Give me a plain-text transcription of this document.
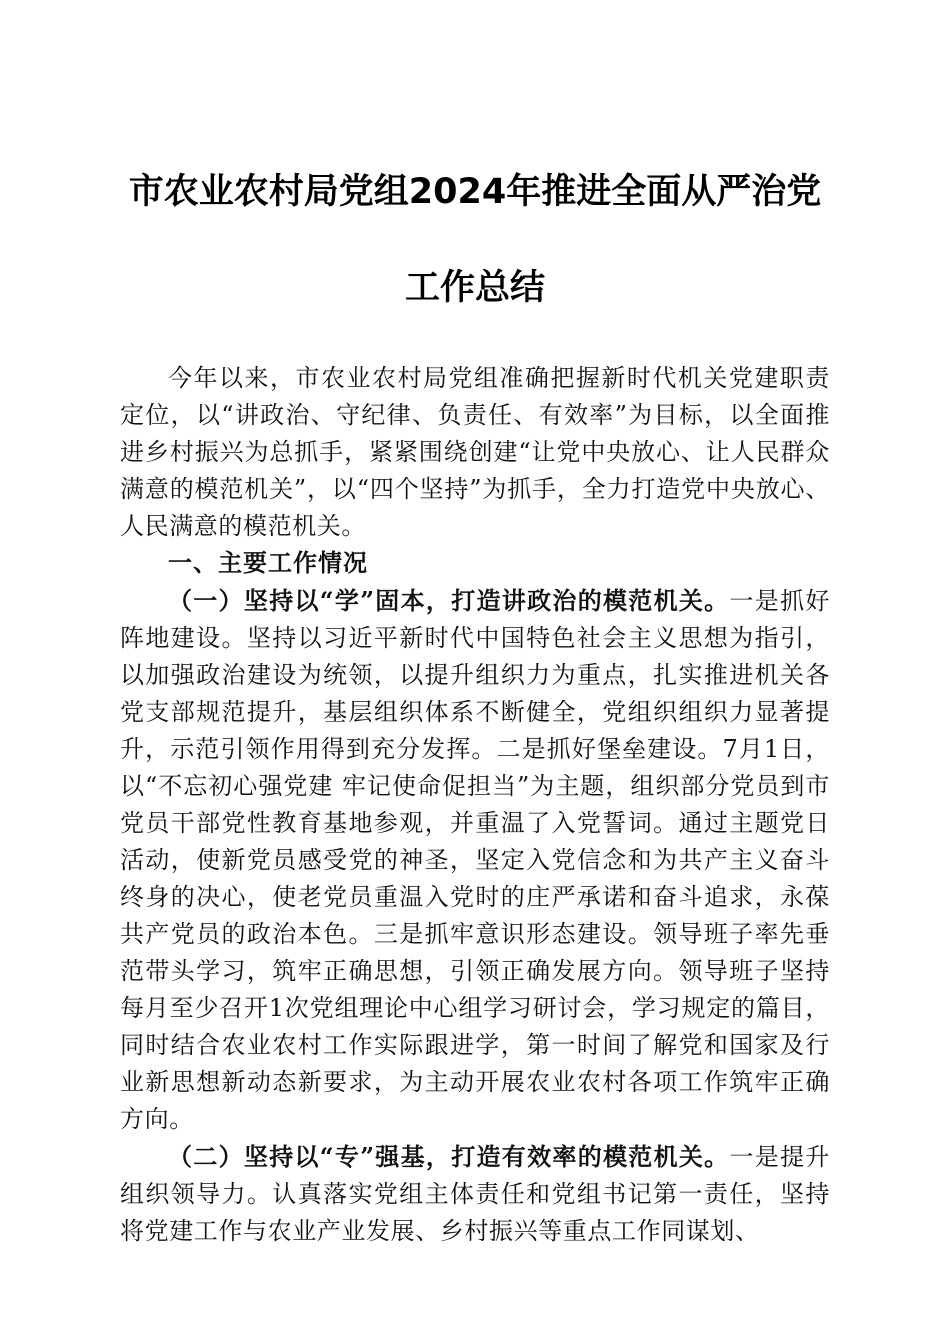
市农业农村局党组2024年推进全面从严治党
工作总结

今年以来，市农业农村局党组准确把握新时代机关党建职责定位，以“讲政治、守纪律、负责任、有效率”为目标，以全面推进乡村振兴为总抓手，紧紧围绕创建“让党中央放心、让人民群众满意的模范机关”，以“四个坚持”为抓手，全力打造党中央放心、人民满意的模范机关。

一、主要工作情况

（一）坚持以“学”固本，打造讲政治的模范机关。一是抓好阵地建设。坚持以习近平新时代中国特色社会主义思想为指引，以加强政治建设为统领，以提升组织力为重点，扎实推进机关各党支部规范提升，基层组织体系不断健全，党组织组织力显著提升，示范引领作用得到充分发挥。二是抓好堡垒建设。7月1日，以“不忘初心强党建 牢记使命促担当”为主题，组织部分党员到市党员干部党性教育基地参观，并重温了入党誓词。通过主题党日活动，使新党员感受党的神圣，坚定入党信念和为共产主义奋斗终身的决心，使老党员重温入党时的庄严承诺和奋斗追求，永葆共产党员的政治本色。三是抓牢意识形态建设。领导班子率先垂范带头学习，筑牢正确思想，引领正确发展方向。领导班子坚持每月至少召开1次党组理论中心组学习研讨会，学习规定的篇目，同时结合农业农村工作实际跟进学，第一时间了解党和国家及行业新思想新动态新要求，为主动开展农业农村各项工作筑牢正确方向。

（二）坚持以“专”强基，打造有效率的模范机关。一是提升组织领导力。认真落实党组主体责任和党组书记第一责任，坚持将党建工作与农业产业发展、乡村振兴等重点工作同谋划、
